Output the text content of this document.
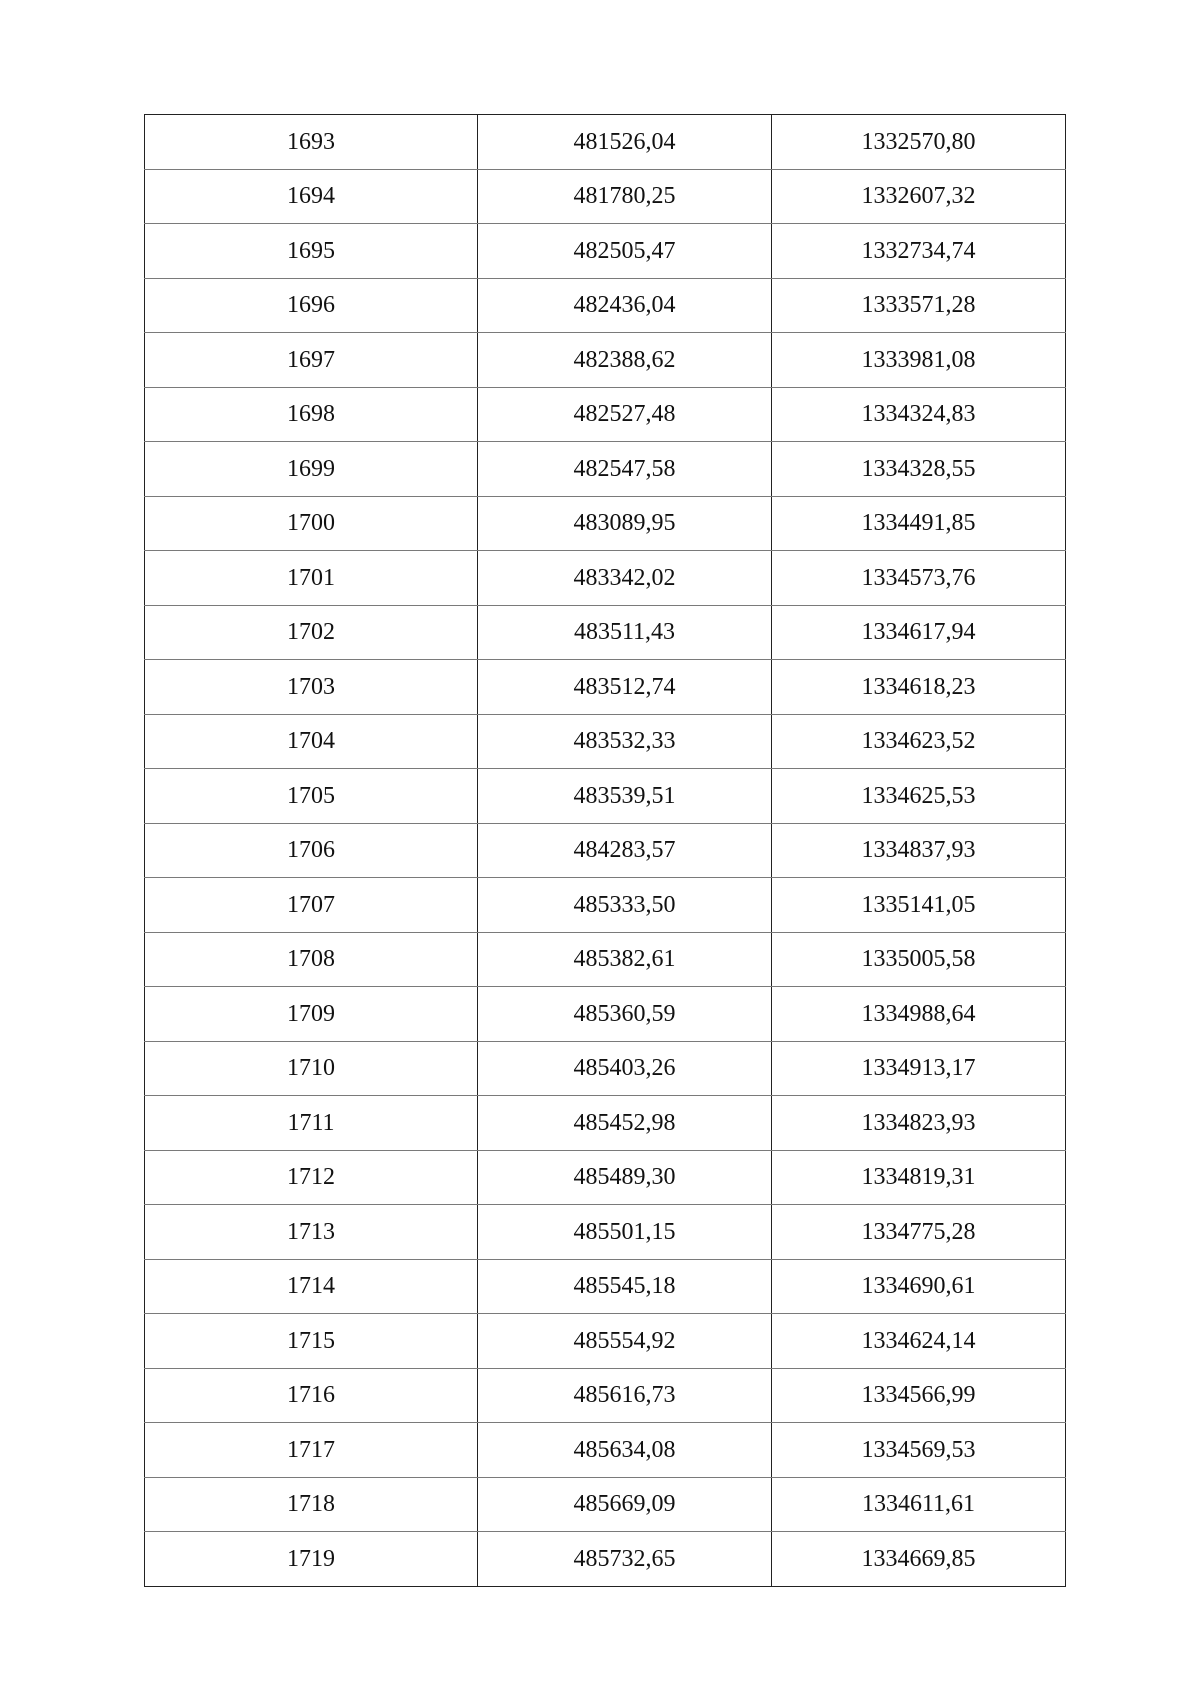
1693	481526,04	1332570,80
1694	481780,25	1332607,32
1695	482505,47	1332734,74
1696	482436,04	1333571,28
1697	482388,62	1333981,08
1698	482527,48	1334324,83
1699	482547,58	1334328,55
1700	483089,95	1334491,85
1701	483342,02	1334573,76
1702	483511,43	1334617,94
1703	483512,74	1334618,23
1704	483532,33	1334623,52
1705	483539,51	1334625,53
1706	484283,57	1334837,93
1707	485333,50	1335141,05
1708	485382,61	1335005,58
1709	485360,59	1334988,64
1710	485403,26	1334913,17
1711	485452,98	1334823,93
1712	485489,30	1334819,31
1713	485501,15	1334775,28
1714	485545,18	1334690,61
1715	485554,92	1334624,14
1716	485616,73	1334566,99
1717	485634,08	1334569,53
1718	485669,09	1334611,61
1719	485732,65	1334669,85
